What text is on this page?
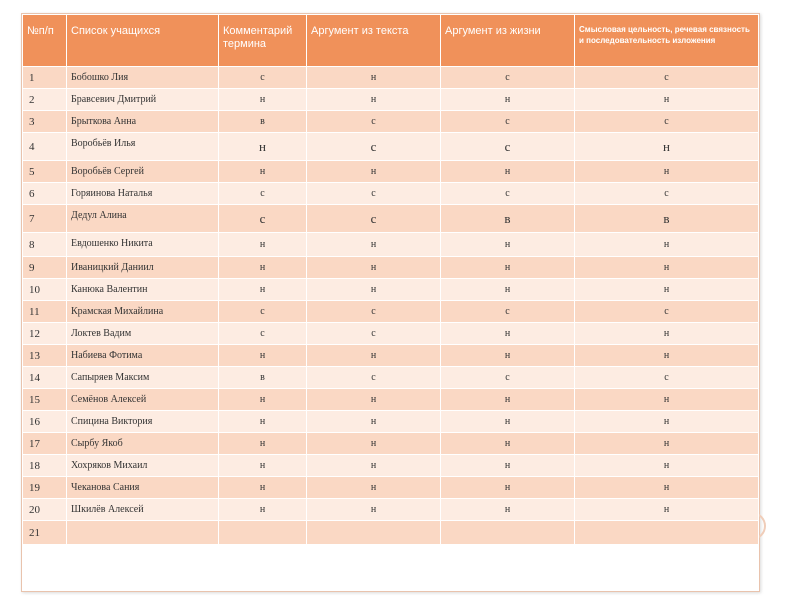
№п/п	Список учащихся	Комментарий термина	Аргумент из текста	Аргумент из жизни	Смысловая цельность, речевая связность и последовательность изложения
1	Бобошко Лия	с	н	с	с
2	Бравсевич Дмитрий	н	н	н	н
3	Брыткова Анна	в	с	с	с
4	Воробьёв Илья	н	с	с	н
5	Воробьёв Сергей	н	н	н	н
6	Горяинова Наталья	с	с	с	с
7	Дедул Алина	с	с	в	в
8	Евдошенко Никита	н	н	н	н
9	Иваницкий Даниил	н	н	н	н
10	Канюка Валентин	н	н	н	н
11	Крамская Михайлина	с	с	с	с
12	Локтев Вадим	с	с	н	н
13	Набиева Фотима	н	н	н	н
14	Сапыряев Максим	в	с	с	с
15	Семёнов Алексей	н	н	н	н
16	Спицина Виктория	н	н	н	н
17	Сырбу Якоб	н	н	н	н
18	Хохряков Михаил	н	н	н	н
19	Чеканова Сания	н	н	н	н
20	Шкилёв Алексей	н	н	н	н
21					
